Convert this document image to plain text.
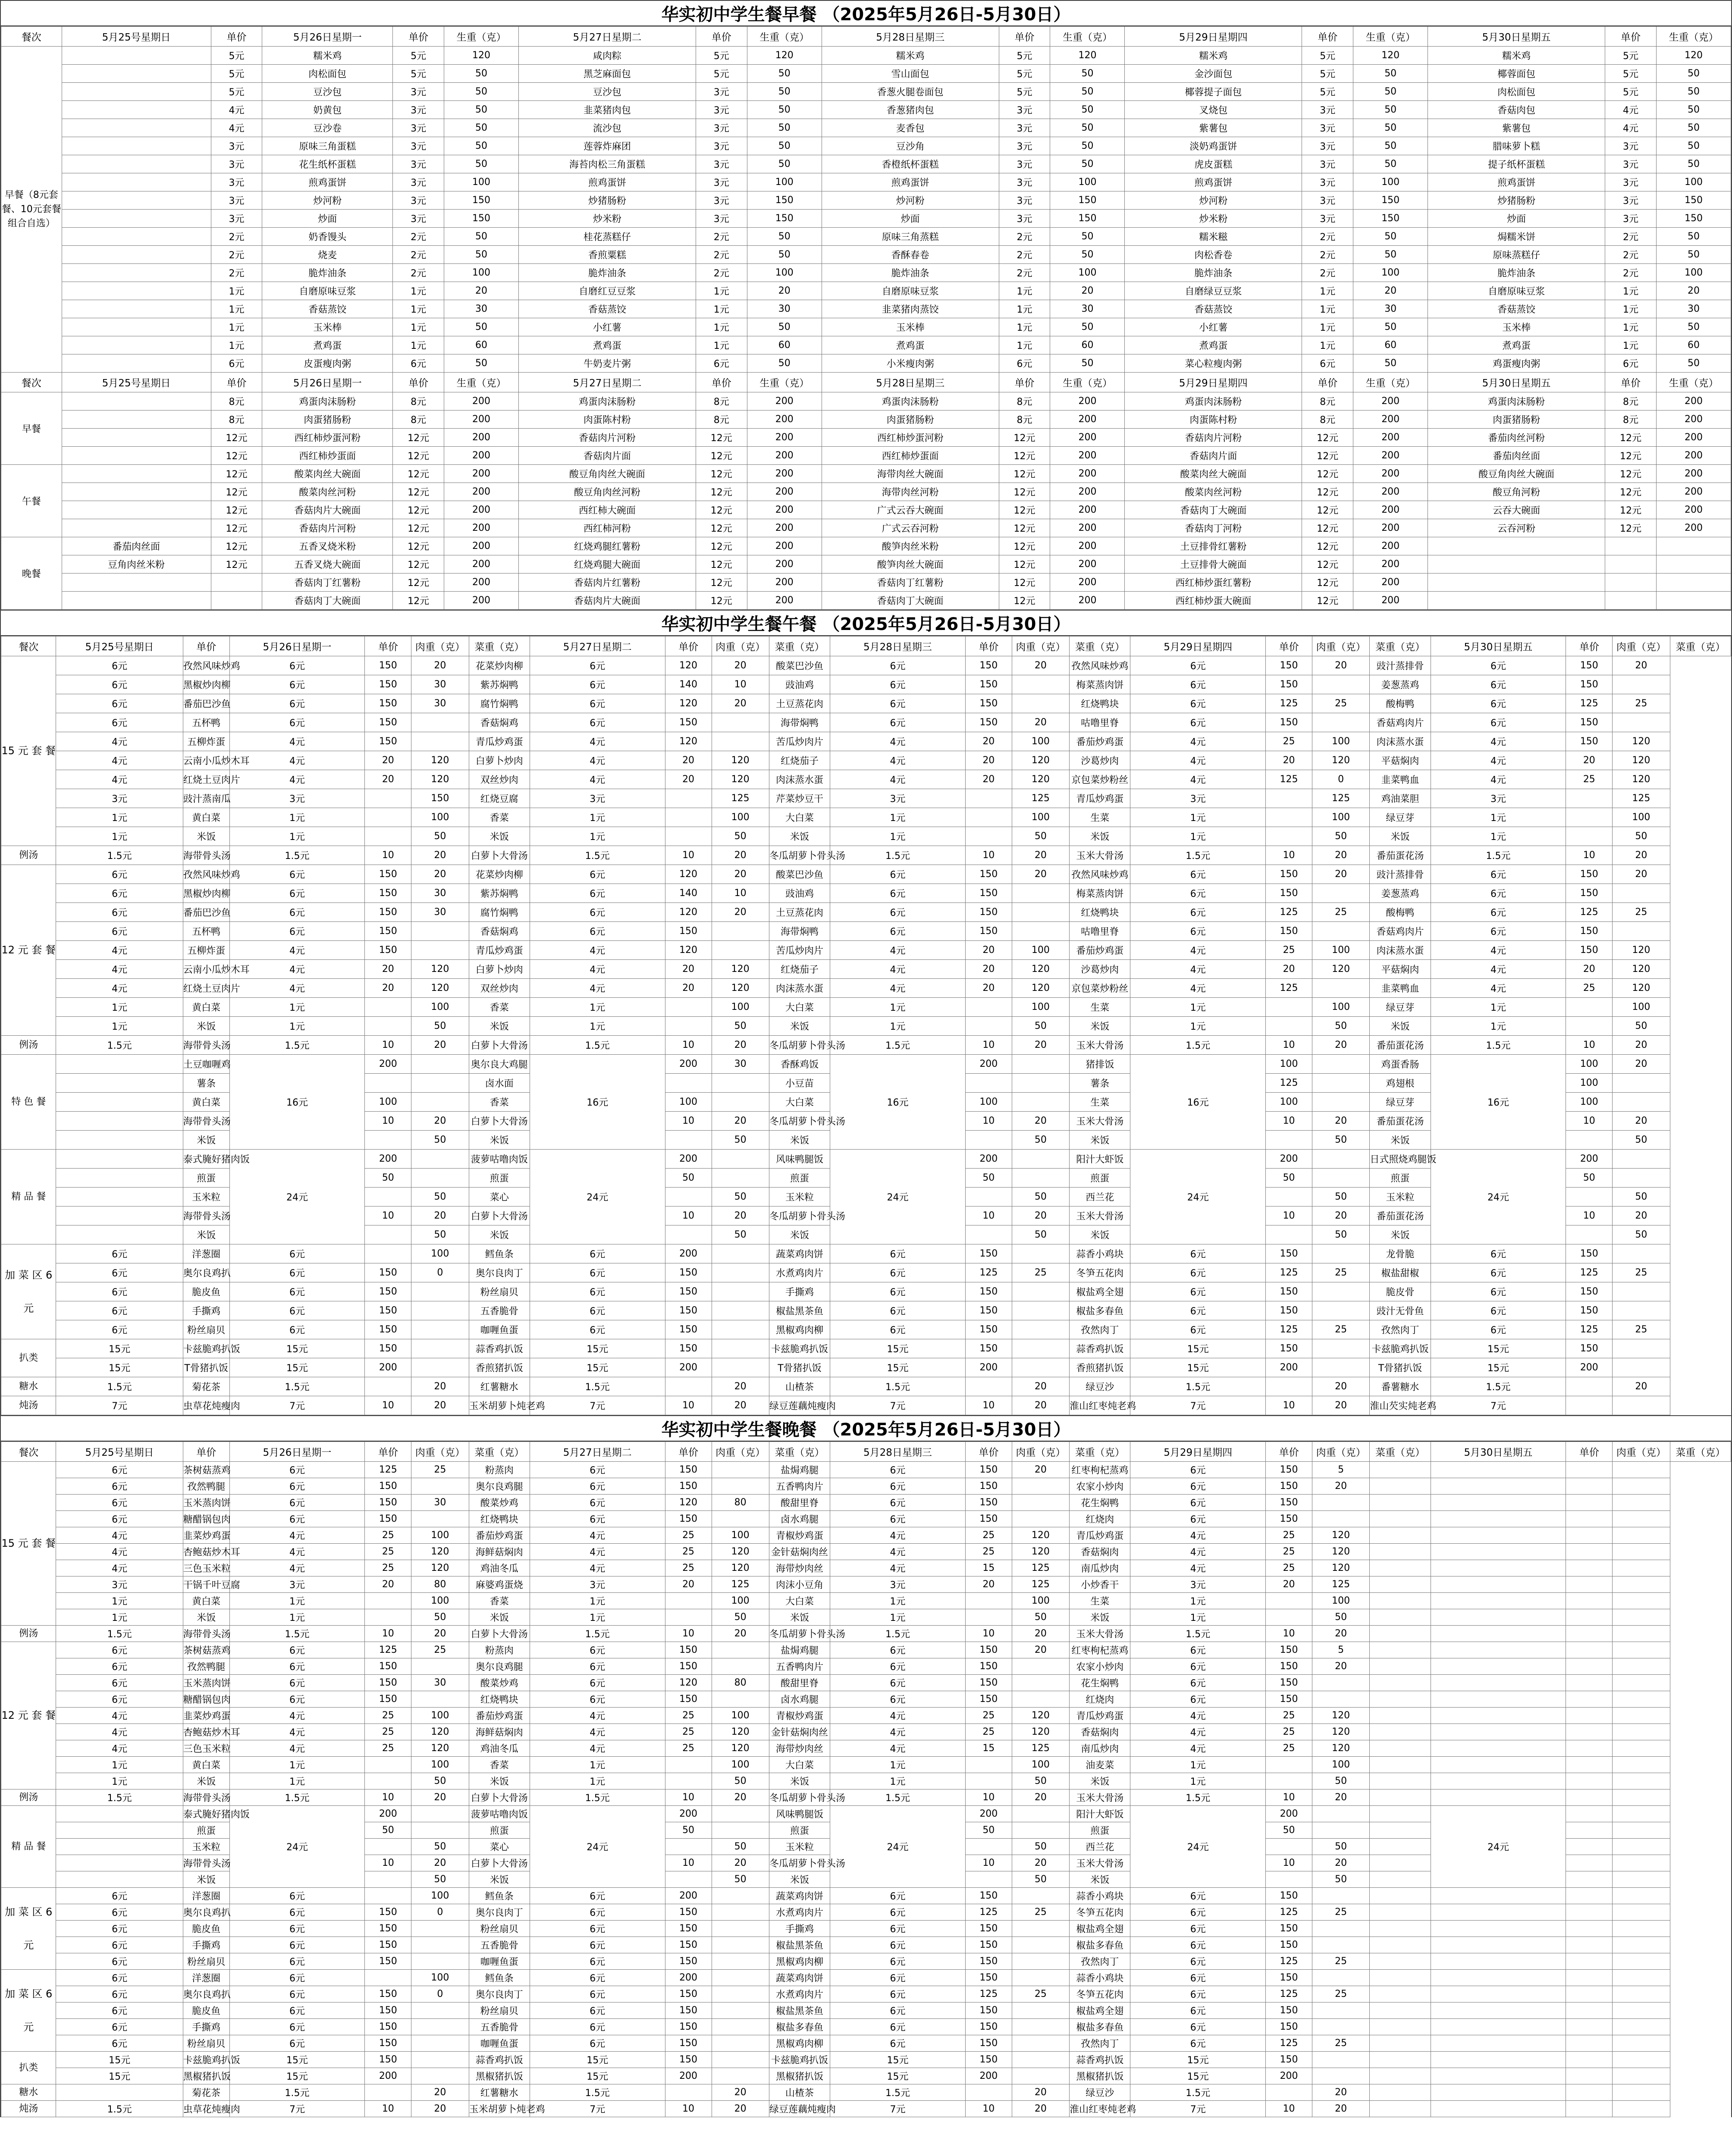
华实初中学生餐早餐 （2025年5月26日-5月30日）
餐次	5月25号星期日	单价	5月26日星期一	单价	生重（克）	5月27日星期二	单价	生重（克）	5月28日星期三	单价	生重（克）	5月29日星期四	单价	生重（克）	5月30日星期五	单价	生重（克）
早餐（8元套餐、10元套餐组合自选）		5元	糯米鸡	5元	120	咸肉粽	5元	120	糯米鸡	5元	120	糯米鸡	5元	120	糯米鸡	5元	120
		5元	肉松面包	5元	50	黑芝麻面包	5元	50	雪山面包	5元	50	金沙面包	5元	50	椰蓉面包	5元	50
		5元	豆沙包	3元	50	豆沙包	3元	50	香葱火腿卷面包	5元	50	椰蓉提子面包	5元	50	肉松面包	5元	50
		4元	奶黄包	3元	50	韭菜猪肉包	3元	50	香葱猪肉包	3元	50	叉烧包	3元	50	香菇肉包	4元	50
		4元	豆沙卷	3元	50	流沙包	3元	50	麦香包	3元	50	紫薯包	3元	50	紫薯包	4元	50
		3元	原味三角蛋糕	3元	50	莲蓉炸麻团	3元	50	豆沙角	3元	50	淡奶鸡蛋饼	3元	50	腊味萝卜糕	3元	50
		3元	花生纸杯蛋糕	3元	50	海苔肉松三角蛋糕	3元	50	香橙纸杯蛋糕	3元	50	虎皮蛋糕	3元	50	提子纸杯蛋糕	3元	50
		3元	煎鸡蛋饼	3元	100	煎鸡蛋饼	3元	100	煎鸡蛋饼	3元	100	煎鸡蛋饼	3元	100	煎鸡蛋饼	3元	100
		3元	炒河粉	3元	150	炒猪肠粉	3元	150	炒河粉	3元	150	炒河粉	3元	150	炒猪肠粉	3元	150
		3元	炒面	3元	150	炒米粉	3元	150	炒面	3元	150	炒米粉	3元	150	炒面	3元	150
		2元	奶香馒头	2元	50	桂花蒸糕仔	2元	50	原味三角蒸糕	2元	50	糯米糍	2元	50	焗糯米饼	2元	50
		2元	烧麦	2元	50	香煎粟糕	2元	50	香酥春卷	2元	50	肉松香卷	2元	50	原味蒸糕仔	2元	50
		2元	脆炸油条	2元	100	脆炸油条	2元	100	脆炸油条	2元	100	脆炸油条	2元	100	脆炸油条	2元	100
		1元	自磨原味豆浆	1元	20	自磨红豆豆浆	1元	20	自磨原味豆浆	1元	20	自磨绿豆豆浆	1元	20	自磨原味豆浆	1元	20
		1元	香菇蒸饺	1元	30	香菇蒸饺	1元	30	韭菜猪肉蒸饺	1元	30	香菇蒸饺	1元	30	香菇蒸饺	1元	30
		1元	玉米棒	1元	50	小红薯	1元	50	玉米棒	1元	50	小红薯	1元	50	玉米棒	1元	50
		1元	煮鸡蛋	1元	60	煮鸡蛋	1元	60	煮鸡蛋	1元	60	煮鸡蛋	1元	60	煮鸡蛋	1元	60
		6元	皮蛋瘦肉粥	6元	50	牛奶麦片粥	6元	50	小米瘦肉粥	6元	50	菜心粒瘦肉粥	6元	50	鸡蛋瘦肉粥	6元	50
餐次	5月25号星期日	单价	5月26日星期一	单价	生重（克）	5月27日星期二	单价	生重（克）	5月28日星期三	单价	生重（克）	5月29日星期四	单价	生重（克）	5月30日星期五	单价	生重（克）
早餐		8元	鸡蛋肉沫肠粉	8元	200	鸡蛋肉沫肠粉	8元	200	鸡蛋肉沫肠粉	8元	200	鸡蛋肉沫肠粉	8元	200	鸡蛋肉沫肠粉	8元	200
		8元	肉蛋猪肠粉	8元	200	肉蛋陈村粉	8元	200	肉蛋猪肠粉	8元	200	肉蛋陈村粉	8元	200	肉蛋猪肠粉	8元	200
		12元	西红柿炒蛋河粉	12元	200	香菇肉片河粉	12元	200	西红柿炒蛋河粉	12元	200	香菇肉片河粉	12元	200	番茄肉丝河粉	12元	200
		12元	西红柿炒蛋面	12元	200	香菇肉片面	12元	200	西红柿炒蛋面	12元	200	香菇肉片面	12元	200	番茄肉丝面	12元	200
午餐		12元	酸菜肉丝大碗面	12元	200	酸豆角肉丝大碗面	12元	200	海带肉丝大碗面	12元	200	酸菜肉丝大碗面	12元	200	酸豆角肉丝大碗面	12元	200
		12元	酸菜肉丝河粉	12元	200	酸豆角肉丝河粉	12元	200	海带肉丝河粉	12元	200	酸菜肉丝河粉	12元	200	酸豆角河粉	12元	200
		12元	香菇肉片大碗面	12元	200	西红柿大碗面	12元	200	广式云吞大碗面	12元	200	香菇肉丁大碗面	12元	200	云吞大碗面	12元	200
		12元	香菇肉片河粉	12元	200	西红柿河粉	12元	200	广式云吞河粉	12元	200	香菇肉丁河粉	12元	200	云吞河粉	12元	200
晚餐	番茄肉丝面	12元	五香叉烧米粉	12元	200	红烧鸡腿红薯粉	12元	200	酸笋肉丝米粉	12元	200	土豆排骨红薯粉	12元	200			
	豆角肉丝米粉	12元	五香叉烧大碗面	12元	200	红烧鸡腿大碗面	12元	200	酸笋肉丝大碗面	12元	200	土豆排骨大碗面	12元	200			
			香菇肉丁红薯粉	12元	200	香菇肉片红薯粉	12元	200	香菇肉丁红薯粉	12元	200	西红柿炒蛋红薯粉	12元	200			
			香菇肉丁大碗面	12元	200	香菇肉片大碗面	12元	200	香菇肉丁大碗面	12元	200	西红柿炒蛋大碗面	12元	200			
华实初中学生餐午餐 （2025年5月26日-5月30日）
餐次	5月25号星期日	单价	5月26日星期一	单价	肉重（克）	菜重（克）	5月27日星期二	单价	肉重（克）	菜重（克）	5月28日星期三	单价	肉重（克）	菜重（克）	5月29日星期四	单价	肉重（克）	菜重（克）	5月30日星期五	单价	肉重（克）	菜重（克）
15 元 套 餐	6元	孜然风味炒鸡	6元	150	20	花菜炒肉柳	6元	120	20	酸菜巴沙鱼	6元	150	20	孜然风味炒鸡	6元	150	20	豉汁蒸排骨	6元	150	20	
	6元	黑椒炒肉柳	6元	150	30	紫苏焖鸭	6元	140	10	豉油鸡	6元	150		梅菜蒸肉饼	6元	150		姜葱蒸鸡	6元	150		
	6元	番茄巴沙鱼	6元	150	30	腐竹焖鸭	6元	120	20	土豆蒸花肉	6元	150		红烧鸭块	6元	125	25	酸梅鸭	6元	125	25	
	6元	五杯鸭	6元	150		香菇焖鸡	6元	150		海带焖鸭	6元	150	20	咕噜里脊	6元	150		香菇鸡肉片	6元	150		
	4元	五柳炸蛋	4元	150		青瓜炒鸡蛋	4元	120		苦瓜炒肉片	4元	20	100	番茄炒鸡蛋	4元	25	100	肉沫蒸水蛋	4元	150	120	
	4元	云南小瓜炒木耳	4元	20	120	白萝卜炒肉	4元	20	120	红烧茄子	4元	20	120	沙葛炒肉	4元	20	120	平菇焖肉	4元	20	120	
	4元	红烧土豆肉片	4元	20	120	双丝炒肉	4元	20	120	肉沫蒸水蛋	4元	20	120	京包菜炒粉丝	4元	125	0	韭菜鸭血	4元	25	120	
	3元	豉汁蒸南瓜	3元		150	红烧豆腐	3元		125	芹菜炒豆干	3元		125	青瓜炒鸡蛋	3元		125	鸡油菜胆	3元		125	
	1元	黄白菜	1元		100	香菜	1元		100	大白菜	1元		100	生菜	1元		100	绿豆芽	1元		100	
	1元	米饭	1元		50	米饭	1元		50	米饭	1元		50	米饭	1元		50	米饭	1元		50	
例汤	1.5元	海带骨头汤	1.5元	10	20	白萝卜大骨汤	1.5元	10	20	冬瓜胡萝卜骨头汤	1.5元	10	20	玉米大骨汤	1.5元	10	20	番茄蛋花汤	1.5元	10	20	
12 元 套 餐	6元	孜然风味炒鸡	6元	150	20	花菜炒肉柳	6元	120	20	酸菜巴沙鱼	6元	150	20	孜然风味炒鸡	6元	150	20	豉汁蒸排骨	6元	150	20	
	6元	黑椒炒肉柳	6元	150	30	紫苏焖鸭	6元	140	10	豉油鸡	6元	150		梅菜蒸肉饼	6元	150		姜葱蒸鸡	6元	150		
	6元	番茄巴沙鱼	6元	150	30	腐竹焖鸭	6元	120	20	土豆蒸花肉	6元	150		红烧鸭块	6元	125	25	酸梅鸭	6元	125	25	
	6元	五杯鸭	6元	150		香菇焖鸡	6元	150		海带焖鸭	6元	150		咕噜里脊	6元	150		香菇鸡肉片	6元	150		
	4元	五柳炸蛋	4元	150		青瓜炒鸡蛋	4元	120		苦瓜炒肉片	4元	20	100	番茄炒鸡蛋	4元	25	100	肉沫蒸水蛋	4元	150	120	
	4元	云南小瓜炒木耳	4元	20	120	白萝卜炒肉	4元	20	120	红烧茄子	4元	20	120	沙葛炒肉	4元	20	120	平菇焖肉	4元	20	120	
	4元	红烧土豆肉片	4元	20	120	双丝炒肉	4元	20	120	肉沫蒸水蛋	4元	20	120	京包菜炒粉丝	4元	125		韭菜鸭血	4元	25	120	
	1元	黄白菜	1元		100	香菜	1元		100	大白菜	1元		100	生菜	1元		100	绿豆芽	1元		100	
	1元	米饭	1元		50	米饭	1元		50	米饭	1元		50	米饭	1元		50	米饭	1元		50	
例汤	1.5元	海带骨头汤	1.5元	10	20	白萝卜大骨汤	1.5元	10	20	冬瓜胡萝卜骨头汤	1.5元	10	20	玉米大骨汤	1.5元	10	20	番茄蛋花汤	1.5元	10	20	
特 色 餐		土豆咖喱鸡	16元	200		奥尔良大鸡腿	16元	200	30	香酥鸡饭	16元	200		猪排饭	16元	100		鸡蛋香肠	16元	100	20	
		薯条				卤水面				小豆苗				薯条		125		鸡翅根		100		
		黄白菜		100		香菜		100		大白菜		100		生菜		100		绿豆芽		100		
		海带骨头汤		10	20	白萝卜大骨汤		10	20	冬瓜胡萝卜骨头汤		10	20	玉米大骨汤		10	20	番茄蛋花汤		10	20	
		米饭			50	米饭			50	米饭			50	米饭			50	米饭			50	
精 品 餐		泰式腌好猪肉饭	24元	200		菠萝咕噜肉饭	24元	200		风味鸭腿饭	24元	200		阳汁大虾饭	24元	200		日式照烧鸡腿饭	24元	200		
		煎蛋		50		煎蛋		50		煎蛋		50		煎蛋		50		煎蛋		50		
		玉米粒			50	菜心			50	玉米粒			50	西兰花			50	玉米粒			50	
		海带骨头汤		10	20	白萝卜大骨汤		10	20	冬瓜胡萝卜骨头汤		10	20	玉米大骨汤		10	20	番茄蛋花汤		10	20	
		米饭			50	米饭			50	米饭			50	米饭			50	米饭			50	
加 菜 区 6元	6元	洋葱圈	6元		100	鳕鱼条	6元	200		蔬菜鸡肉饼	6元	150		蒜香小鸡块	6元	150		龙骨脆	6元	150		
	6元	奥尔良鸡扒	6元	150	0	奥尔良肉丁	6元	150		水煮鸡肉片	6元	125	25	冬笋五花肉	6元	125	25	椒盐甜椒	6元	125	25	
	6元	脆皮鱼	6元	150		粉丝扇贝	6元	150		手撕鸡	6元	150		椒盐鸡全翅	6元	150		脆皮骨	6元	150		
	6元	手撕鸡	6元	150		五香脆骨	6元	150		椒盐黑茶鱼	6元	150		椒盐多春鱼	6元	150		豉汁无骨鱼	6元	150		
	6元	粉丝扇贝	6元	150		咖喱鱼蛋	6元	150		黑椒鸡肉柳	6元	150		孜然肉丁	6元	125	25	孜然肉丁	6元	125	25	
扒类	15元	卡兹脆鸡扒饭	15元	150		蒜香鸡扒饭	15元	150		卡兹脆鸡扒饭	15元	150		蒜香鸡扒饭	15元	150		卡兹脆鸡扒饭	15元	150		
	15元	T骨猪扒饭	15元	200		香煎猪扒饭	15元	200		T骨猪扒饭	15元	200		香煎猪扒饭	15元	200		T骨猪扒饭	15元	200		
糖水	1.5元	菊花茶	1.5元		20	红薯糖水	1.5元		20	山楂茶	1.5元		20	绿豆沙	1.5元		20	番薯糖水	1.5元		20	
炖汤	7元	虫草花炖瘦肉	7元	10	20	玉米胡萝卜炖老鸡	7元	10	20	绿豆莲藕炖瘦肉	7元	10	20	淮山红枣炖老鸡	7元	10	20	淮山芡实炖老鸡	7元			
华实初中学生餐晚餐 （2025年5月26日-5月30日）
餐次	5月25号星期日	单价	5月26日星期一	单价	肉重（克）	菜重（克）	5月27日星期二	单价	肉重（克）	菜重（克）	5月28日星期三	单价	肉重（克）	菜重（克）	5月29日星期四	单价	肉重（克）	菜重（克）	5月30日星期五	单价	肉重（克）	菜重（克）
15 元 套 餐	6元	茶树菇蒸鸡	6元	125	25	粉蒸肉	6元	150		盐焗鸡腿	6元	150	20	红枣枸杞蒸鸡	6元	150	5					
	6元	孜然鸭腿	6元	150		奥尔良鸡腿	6元	150		五香鸭肉片	6元	150		农家小炒肉	6元	150	20					
	6元	玉米蒸肉饼	6元	150	30	酸菜炒鸡	6元	120	80	酸甜里脊	6元	150		花生焖鸭	6元	150						
	6元	糖醋锅包肉	6元	150		红烧鸭块	6元	150		卤水鸡腿	6元	150		红烧肉	6元	150						
	4元	韭菜炒鸡蛋	4元	25	100	番茄炒鸡蛋	4元	25	100	青椒炒鸡蛋	4元	25	120	青瓜炒鸡蛋	4元	25	120					
	4元	杏鲍菇炒木耳	4元	25	120	海鲜菇焖肉	4元	25	120	金针菇焖肉丝	4元	25	120	香菇焖肉	4元	25	120					
	4元	三色玉米粒	4元	25	120	鸡油冬瓜	4元	25	120	海带炒肉丝	4元	15	125	南瓜炒肉	4元	25	120					
	3元	干锅千叶豆腐	3元	20	80	麻婆鸡蛋烧	3元	20	125	肉沫小豆角	3元	20	125	小炒香干	3元	20	125					
	1元	黄白菜	1元		100	香菜	1元		100	大白菜	1元		100	生菜	1元		100					
	1元	米饭	1元		50	米饭	1元		50	米饭	1元		50	米饭	1元		50					
例汤	1.5元	海带骨头汤	1.5元	10	20	白萝卜大骨汤	1.5元	10	20	冬瓜胡萝卜骨头汤	1.5元	10	20	玉米大骨汤	1.5元	10	20					
12 元 套 餐	6元	茶树菇蒸鸡	6元	125	25	粉蒸肉	6元	150		盐焗鸡腿	6元	150	20	红枣枸杞蒸鸡	6元	150	5					
	6元	孜然鸭腿	6元	150		奥尔良鸡腿	6元	150		五香鸭肉片	6元	150		农家小炒肉	6元	150	20					
	6元	玉米蒸肉饼	6元	150	30	酸菜炒鸡	6元	120	80	酸甜里脊	6元	150		花生焖鸭	6元	150						
	6元	糖醋锅包肉	6元	150		红烧鸭块	6元	150		卤水鸡腿	6元	150		红烧肉	6元	150						
	4元	韭菜炒鸡蛋	4元	25	100	番茄炒鸡蛋	4元	25	100	青椒炒鸡蛋	4元	25	120	青瓜炒鸡蛋	4元	25	120					
	4元	杏鲍菇炒木耳	4元	25	120	海鲜菇焖肉	4元	25	120	金针菇焖肉丝	4元	25	120	香菇焖肉	4元	25	120					
	4元	三色玉米粒	4元	25	120	鸡油冬瓜	4元	25	120	海带炒肉丝	4元	15	125	南瓜炒肉	4元	25	120					
	1元	黄白菜	1元		100	香菜	1元		100	大白菜	1元		100	油麦菜	1元		100					
	1元	米饭	1元		50	米饭	1元		50	米饭	1元		50	米饭	1元		50					
例汤	1.5元	海带骨头汤	1.5元	10	20	白萝卜大骨汤	1.5元	10	20	冬瓜胡萝卜骨头汤	1.5元	10	20	玉米大骨汤	1.5元	10	20					
精 品 餐		泰式腌好猪肉饭	24元	200		菠萝咕噜肉饭	24元	200		风味鸭腿饭	24元	200		阳汁大虾饭	24元	200			24元			
		煎蛋		50		煎蛋		50		煎蛋		50		煎蛋		50						
		玉米粒			50	菜心			50	玉米粒			50	西兰花			50					
		海带骨头汤		10	20	白萝卜大骨汤		10	20	冬瓜胡萝卜骨头汤		10	20	玉米大骨汤		10	20					
		米饭			50	米饭			50	米饭			50	米饭			50					
加 菜 区 6元	6元	洋葱圈	6元		100	鳕鱼条	6元	200		蔬菜鸡肉饼	6元	150		蒜香小鸡块	6元	150						
	6元	奥尔良鸡扒	6元	150	0	奥尔良肉丁	6元	150		水煮鸡肉片	6元	125	25	冬笋五花肉	6元	125	25					
	6元	脆皮鱼	6元	150		粉丝扇贝	6元	150		手撕鸡	6元	150		椒盐鸡全翅	6元	150						
	6元	手撕鸡	6元	150		五香脆骨	6元	150		椒盐黑茶鱼	6元	150		椒盐多春鱼	6元	150						
	6元	粉丝扇贝	6元	150		咖喱鱼蛋	6元	150		黑椒鸡肉柳	6元	150		孜然肉丁	6元	125	25					
加 菜 区 6元	6元	洋葱圈	6元		100	鳕鱼条	6元	200		蔬菜鸡肉饼	6元	150		蒜香小鸡块	6元	150						
	6元	奥尔良鸡扒	6元	150	0	奥尔良肉丁	6元	150		水煮鸡肉片	6元	125	25	冬笋五花肉	6元	125	25					
	6元	脆皮鱼	6元	150		粉丝扇贝	6元	150		椒盐黑茶鱼	6元	150		椒盐鸡全翅	6元	150						
	6元	手撕鸡	6元	150		五香脆骨	6元	150		椒盐多春鱼	6元	150		椒盐多春鱼	6元	150						
	6元	粉丝扇贝	6元	150		咖喱鱼蛋	6元	150		黑椒鸡肉柳	6元	150		孜然肉丁	6元	125	25					
扒类	15元	卡兹脆鸡扒饭	15元	150		蒜香鸡扒饭	15元	150		卡兹脆鸡扒饭	15元	150		蒜香鸡扒饭	15元	150						
	15元	黑椒猪扒饭	15元	200		黑椒猪扒饭	15元	200		黑椒猪扒饭	15元	200		黑椒猪扒饭	15元	200						
糖水		菊花茶	1.5元		20	红薯糖水	1.5元		20	山楂茶	1.5元		20	绿豆沙	1.5元		20					
炖汤	1.5元	虫草花炖瘦肉	7元	10	20	玉米胡萝卜炖老鸡	7元	10	20	绿豆莲藕炖瘦肉	7元	10	20	淮山红枣炖老鸡	7元	10	20					
